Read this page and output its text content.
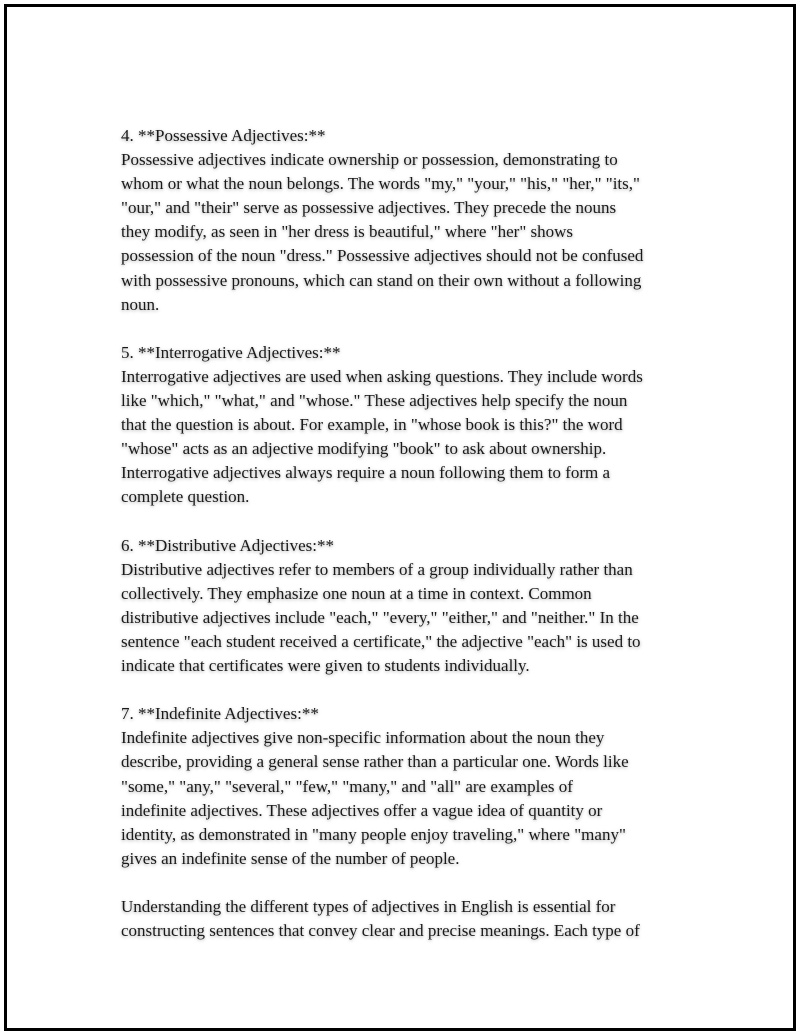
4. **Possessive Adjectives:**
Possessive adjectives indicate ownership or possession, demonstrating to
whom or what the noun belongs. The words "my," "your," "his," "her," "its,"
"our," and "their" serve as possessive adjectives. They precede the nouns
they modify, as seen in "her dress is beautiful," where "her" shows
possession of the noun "dress." Possessive adjectives should not be confused
with possessive pronouns, which can stand on their own without a following
noun.
5. **Interrogative Adjectives:**
Interrogative adjectives are used when asking questions. They include words
like "which," "what," and "whose." These adjectives help specify the noun
that the question is about. For example, in "whose book is this?" the word
"whose" acts as an adjective modifying "book" to ask about ownership.
Interrogative adjectives always require a noun following them to form a
complete question.
6. **Distributive Adjectives:**
Distributive adjectives refer to members of a group individually rather than
collectively. They emphasize one noun at a time in context. Common
distributive adjectives include "each," "every," "either," and "neither." In the
sentence "each student received a certificate," the adjective "each" is used to
indicate that certificates were given to students individually.
7. **Indefinite Adjectives:**
Indefinite adjectives give non-specific information about the noun they
describe, providing a general sense rather than a particular one. Words like
"some," "any," "several," "few," "many," and "all" are examples of
indefinite adjectives. These adjectives offer a vague idea of quantity or
identity, as demonstrated in "many people enjoy traveling," where "many"
gives an indefinite sense of the number of people.
Understanding the different types of adjectives in English is essential for
constructing sentences that convey clear and precise meanings. Each type of
